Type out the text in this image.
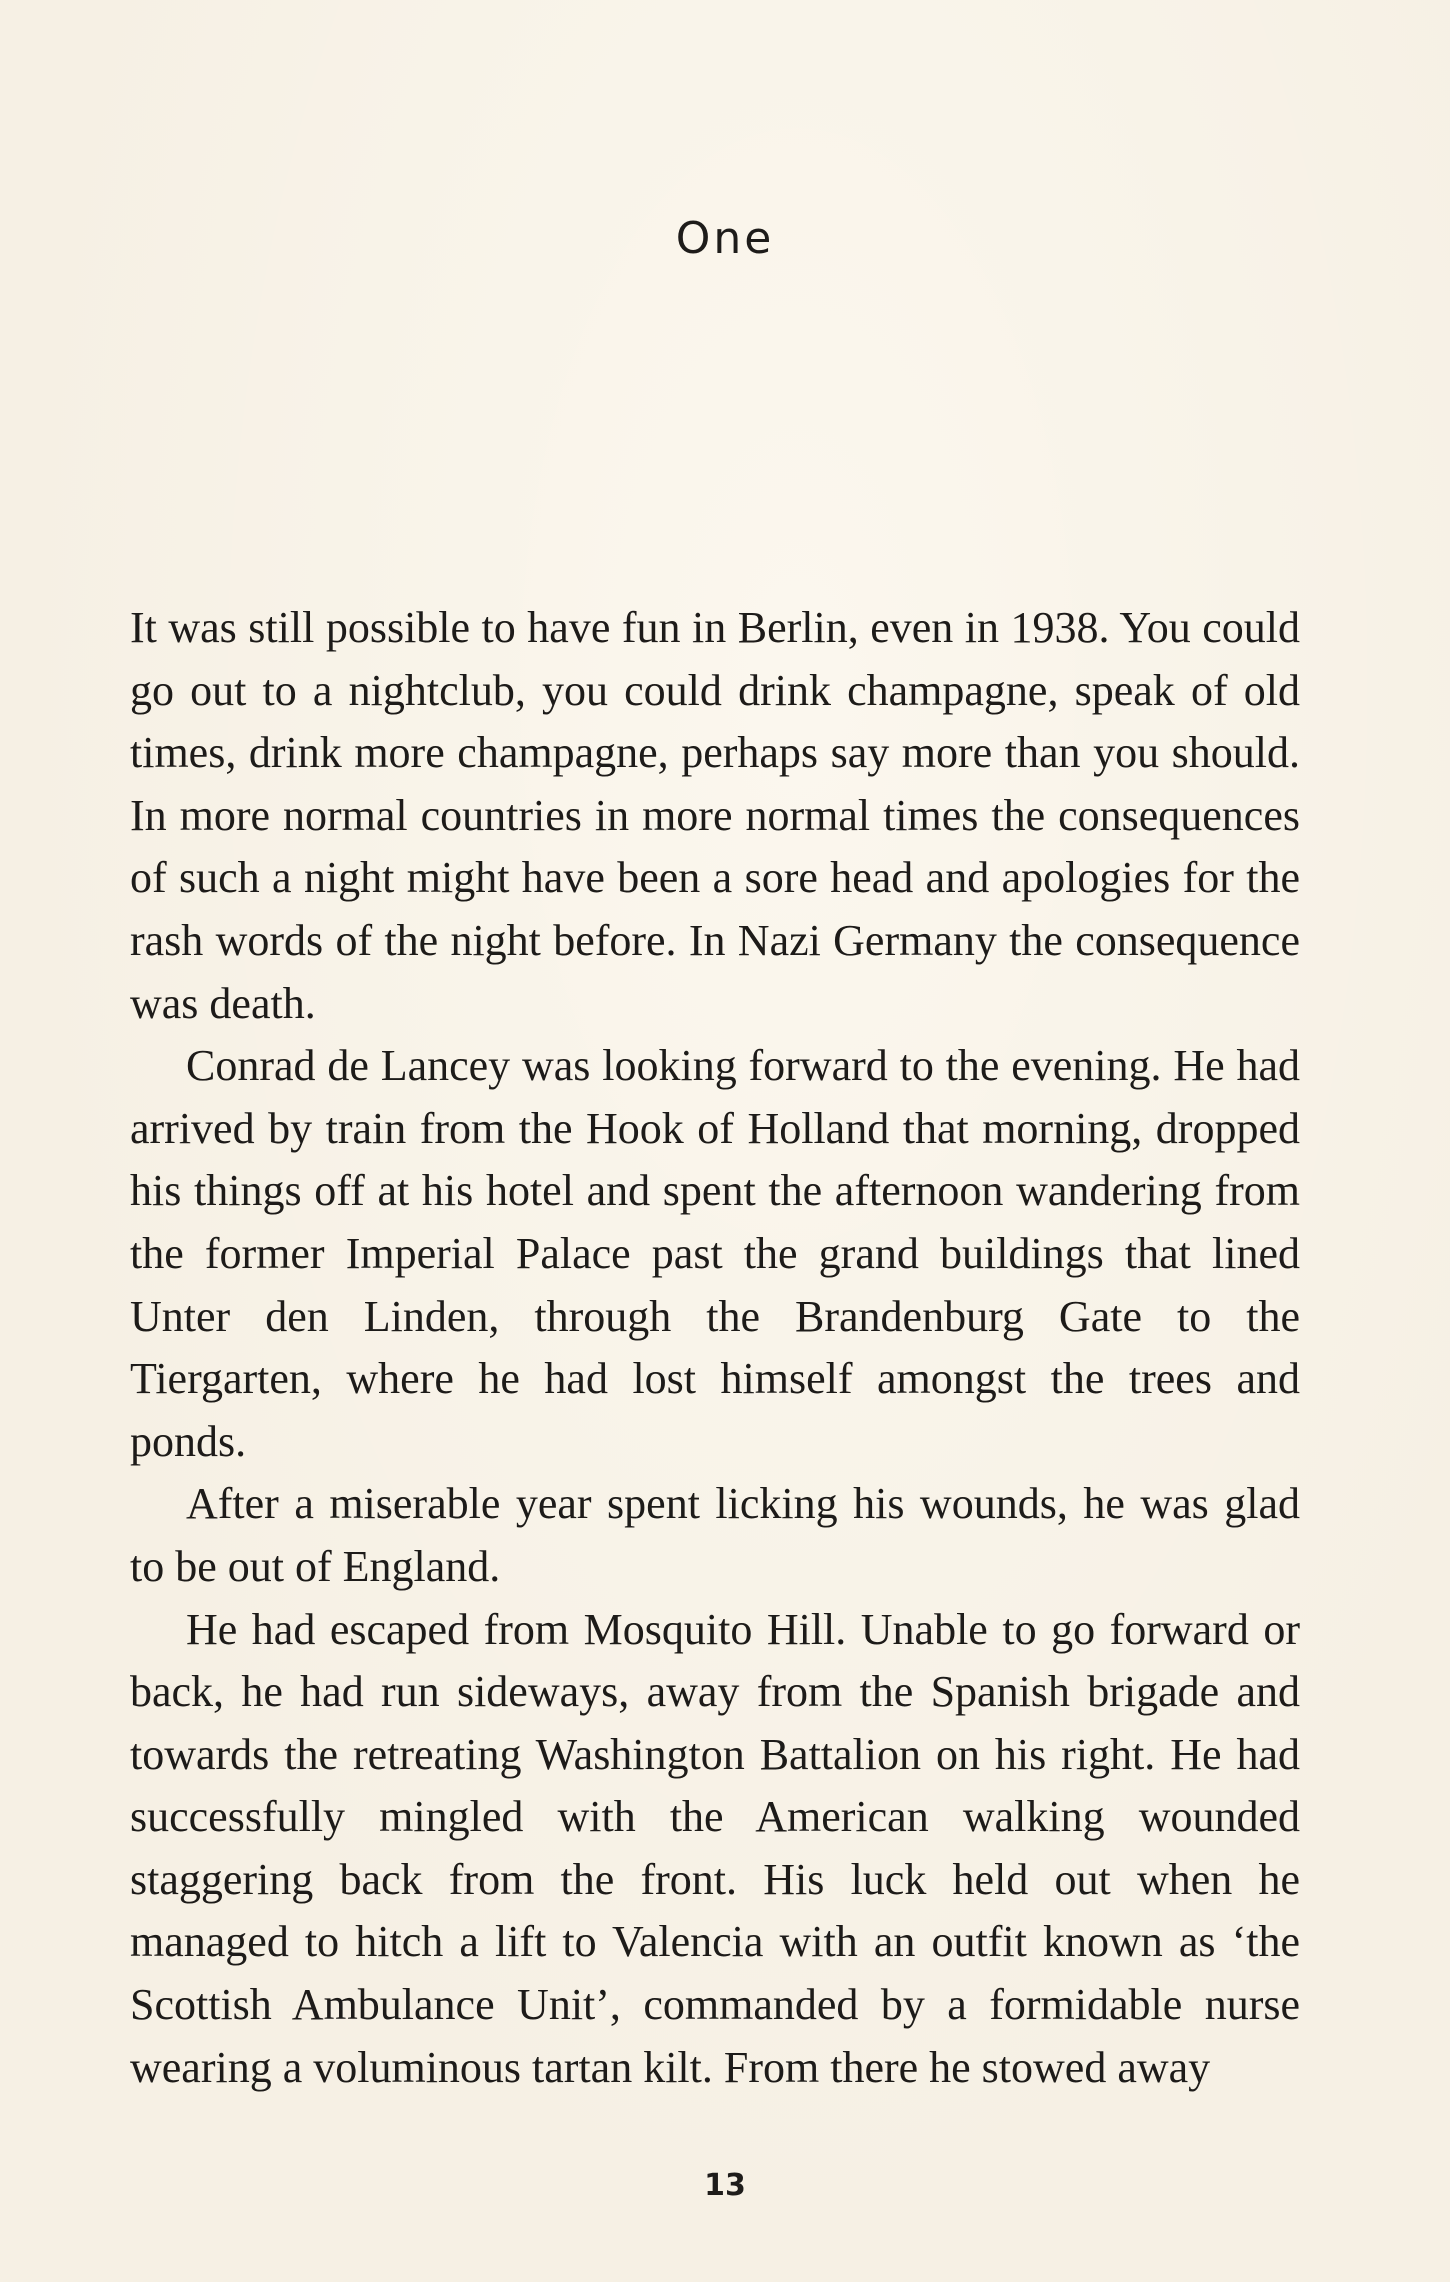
One

It was still possible to have fun in Berlin, even in 1938. You could go out to a nightclub, you could drink champagne, speak of old times, drink more champagne, perhaps say more than you should. In more normal countries in more normal times the consequences of such a night might have been a sore head and apologies for the rash words of the night before. In Nazi Germany the consequence was death.

Conrad de Lancey was looking forward to the evening. He had arrived by train from the Hook of Holland that morning, dropped his things off at his hotel and spent the afternoon wandering from the former Imperial Palace past the grand buildings that lined Unter den Linden, through the Brandenburg Gate to the Tiergarten, where he had lost himself amongst the trees and ponds.

After a miserable year spent licking his wounds, he was glad to be out of England.

He had escaped from Mosquito Hill. Unable to go forward or back, he had run sideways, away from the Spanish brigade and towards the retreating Washington Battalion on his right. He had successfully mingled with the American walking wounded staggering back from the front. His luck held out when he managed to hitch a lift to Valencia with an outfit known as ‘the Scottish Ambulance Unit’, commanded by a formidable nurse wearing a voluminous tartan kilt. From there he stowed away

13
